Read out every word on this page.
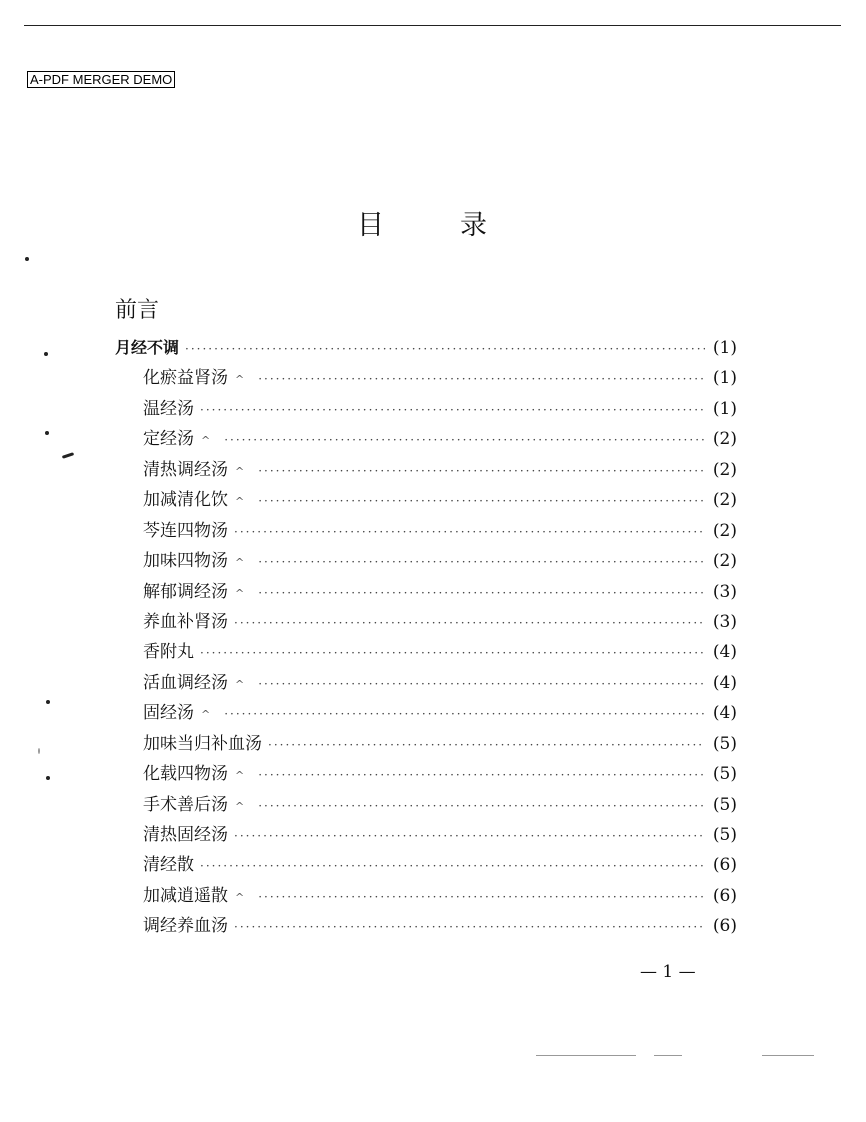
A-PDF MERGER DEMO
目	录
前言
月经不调 ·····	(1)
化瘀益肾汤 ^ ·····	(1)
温经汤 ·····	(1)
定经汤 ^ ·····	(2)
清热调经汤 ^ ·····	(2)
加减清化饮 ^ ·····	(2)
芩连四物汤 ·····	(2)
加味四物汤 ^ ·····	(2)
解郁调经汤 ^ ·····	(3)
养血补肾汤 ·····	(3)
香附丸 ·····	(4)
活血调经汤 ^ ·····	(4)
固经汤 ^ ·····	(4)
加味当归补血汤 ·····	(5)
化载四物汤 ^ ·····	(5)
手术善后汤 ^ ·····	(5)
清热固经汤 ·····	(5)
清经散 ·····	(6)
加减逍遥散 ^ ·····	(6)
调经养血汤 ·····	(6)
— 1 —
